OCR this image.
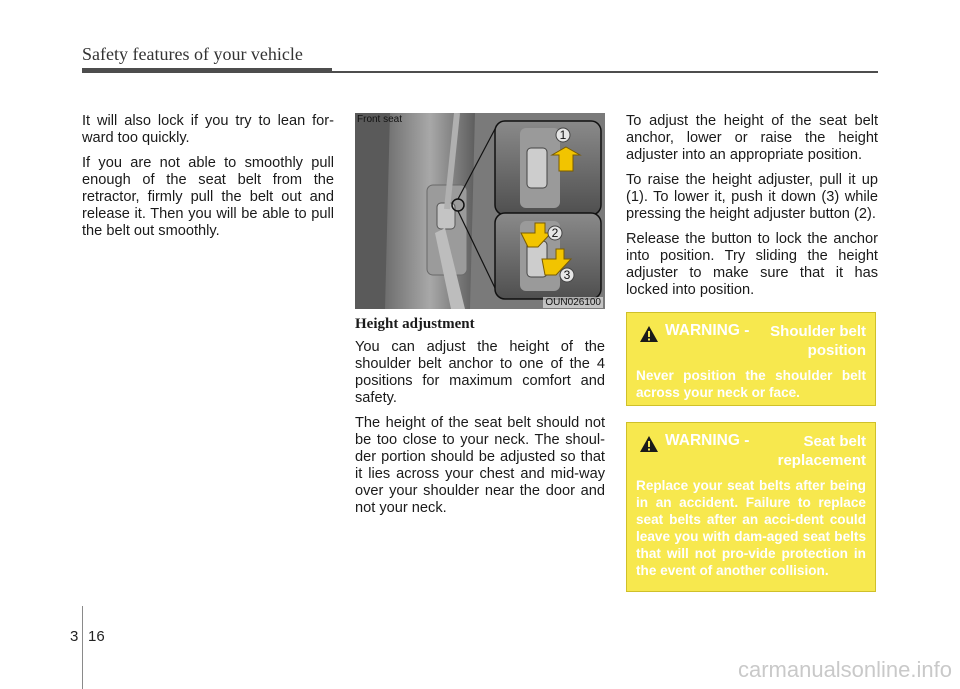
Safety features of your vehicle

It will also lock if you try to lean for-ward too quickly.

If you are not able to smoothly pull enough of the seat belt from the retractor, firmly pull the belt out and release it. Then you will be able to pull the belt out smoothly.

1
2
3
Front seat
OUN026100
Height adjustment

You can adjust the height of the shoulder belt anchor to one of the 4 positions for maximum comfort and safety.

The height of the seat belt should not be too close to your neck. The shoul-der portion should be adjusted so that it lies across your chest and mid-way over your shoulder near the door and not your neck.

To adjust the height of the seat belt anchor, lower or raise the height adjuster into an appropriate position.

To raise the height adjuster, pull it up (1). To lower it, push it down (3) while pressing the height adjuster button (2).

Release the button to lock the anchor into position. Try sliding the height adjuster to make sure that it has locked into position.

WARNING -	Shoulder belt position
Never position the shoulder belt across your neck or face.
WARNING -	Seat belt replacement
Replace your seat belts after being in an accident. Failure to replace seat belts after an acci-dent could leave you with dam-aged seat belts that will not pro-vide protection in the event of another collision.
3 16
carmanualsonline.info
